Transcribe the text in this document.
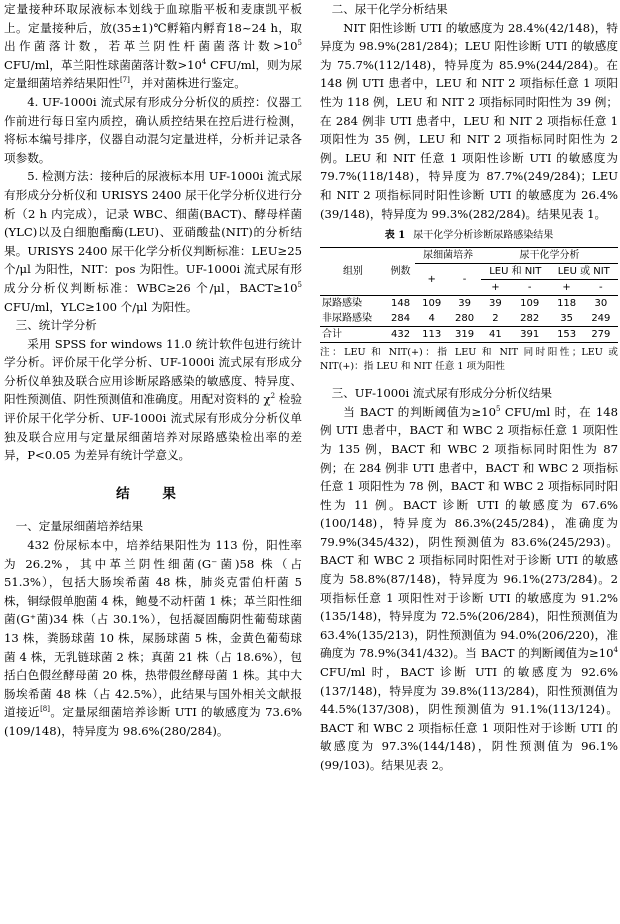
定量接种环取尿液标本划线于血琼脂平板和麦康凯平板上。定量接种后，放(35±1)℃孵箱内孵育18~24 h，取出作菌落计数，若革兰阴性杆菌菌落计数$>10^5$ CFU/ml，革兰阳性球菌菌落计数$>10^4$ CFU/ml，则为尿定量细菌培养结果阳性[7]，并对菌株进行鉴定。

4. UF-1000i 流式尿有形成分分析仪的质控：仪器工作前进行每日室内质控，确认质控结果在控后进行检测，将标本编号排序，仪器自动混匀定量进样，分析并记录各项参数。

5. 检测方法：接种后的尿液标本用 UF-1000i 流式尿有形成分分析仪和 URISYS 2400 尿干化学分析仪进行分析（2 h 内完成），记录 WBC、细菌(BACT)、酵母样菌(YLC)以及白细胞酯酶(LEU)、亚硝酸盐(NIT)的分析结果。URISYS 2400 尿干化学分析仪判断标准：LEU≥25 个/μl 为阳性，NIT：pos 为阳性。UF-1000i 流式尿有形成分分析仪判断标准：WBC≥26 个/μl，$BACT\ge 10^5$ CFU/ml，YLC≥100 个/μl 为阳性。

三、统计学分析

采用 SPSS for windows 11.0 统计软件包进行统计学分析。评价尿干化学分析、UF-1000i 流式尿有形成分分析仪单独及联合应用诊断尿路感染的敏感度、特异度、阳性预测值、阴性预测值和准确度。用配对资料的 $\chi^2$ 检验评价尿干化学分析、UF-1000i 流式尿有形成分分析仪单独及联合应用与定量尿细菌培养对尿路感染检出率的差异，P<0.05 为差异有统计学意义。

结 果

一、定量尿细菌培养结果

432 份尿标本中，培养结果阳性为 113 份，阳性率为 26.2%，其中革兰阴性细菌(G⁻菌)58 株（占 51.3%），包括大肠埃希菌 48 株，肺炎克雷伯杆菌 5 株，铜绿假单胞菌 4 株，鲍曼不动杆菌 1 株；革兰阳性细菌(G⁺菌)34 株（占 30.1%），包括凝固酶阴性葡萄球菌 13 株，粪肠球菌 10 株，屎肠球菌 5 株，金黄色葡萄球菌 4 株，无乳链球菌 2 株；真菌 21 株（占 18.6%），包括白色假丝酵母菌 20 株，热带假丝酵母菌 1 株。其中大肠埃希菌 48 株（占 42.5%），此结果与国外相关文献报道接近[8]。定量尿细菌培养诊断 UTI 的敏感度为 73.6%(109/148)，特异度为 98.6%(280/284)。

二、尿干化学分析结果

NIT 阳性诊断 UTI 的敏感度为 28.4%(42/148)，特异度为 98.9%(281/284)；LEU 阳性诊断 UTI 的敏感度为 75.7%(112/148)，特异度为 85.9%(244/284)。在 148 例 UTI 患者中，LEU 和 NIT 2 项指标任意 1 项阳性为 118 例，LEU 和 NIT 2 项指标同时阳性为 39 例；在 284 例非 UTI 患者中，LEU 和 NIT 2 项指标任意 1 项阳性为 35 例，LEU 和 NIT 2 项指标同时阳性为 2 例。LEU 和 NIT 任意 1 项阳性诊断 UTI 的敏感度为 79.7%(118/148)，特异度为 87.7%(249/284)；LEU 和 NIT 2 项指标同时阳性诊断 UTI 的敏感度为 26.4%(39/148)，特异度为 99.3%(282/284)。结果见表 1。

表 1 尿干化学分析诊断尿路感染结果
组别	例数	尿细菌培养		尿干化学分析			
		+	-	LEU 和 NIT		LEU 或 NIT	
				+	-	+	-
尿路感染	148	109	39	39	109	118	30
非尿路感染	284	4	280	2	282	35	249
合计	432	113	319	41	391	153	279
注：LEU 和 NIT(+)：指 LEU 和 NIT 同时阳性；LEU 或 NIT(+)：指 LEU 和 NIT 任意 1 项为阳性

三、UF-1000i 流式尿有形成分分析仪结果

当 BACT 的判断阈值为$\ge 10^5$ CFU/ml 时，在 148 例 UTI 患者中，BACT 和 WBC 2 项指标任意 1 项阳性为 135 例，BACT 和 WBC 2 项指标同时阳性为 87 例；在 284 例非 UTI 患者中，BACT 和 WBC 2 项指标任意 1 项阳性为 78 例，BACT 和 WBC 2 项指标同时阳性为 11 例。BACT 诊断 UTI 的敏感度为 67.6%(100/148)，特异度为 86.3%(245/284)，准确度为 79.9%(345/432)，阴性预测值为 83.6%(245/293)。BACT 和 WBC 2 项指标同时阳性对于诊断 UTI 的敏感度为 58.8%(87/148)，特异度为 96.1%(273/284)。2 项指标任意 1 项阳性对于诊断 UTI 的敏感度为 91.2%(135/148)，特异度为 72.5%(206/284)，阳性预测值为 63.4%(135/213)，阴性预测值为 94.0%(206/220)，准确度为 78.9%(341/432)。当 BACT 的判断阈值为$\ge 10^4$ CFU/ml 时，BACT 诊断 UTI 的敏感度为 92.6%(137/148)，特异度为 39.8%(113/284)，阳性预测值为 44.5%(137/308)，阴性预测值为 91.1%(113/124)。BACT 和 WBC 2 项指标任意 1 项阳性对于诊断 UTI 的敏感度为 97.3%(144/148)，阴性预测值为 96.1%(99/103)。结果见表 2。
